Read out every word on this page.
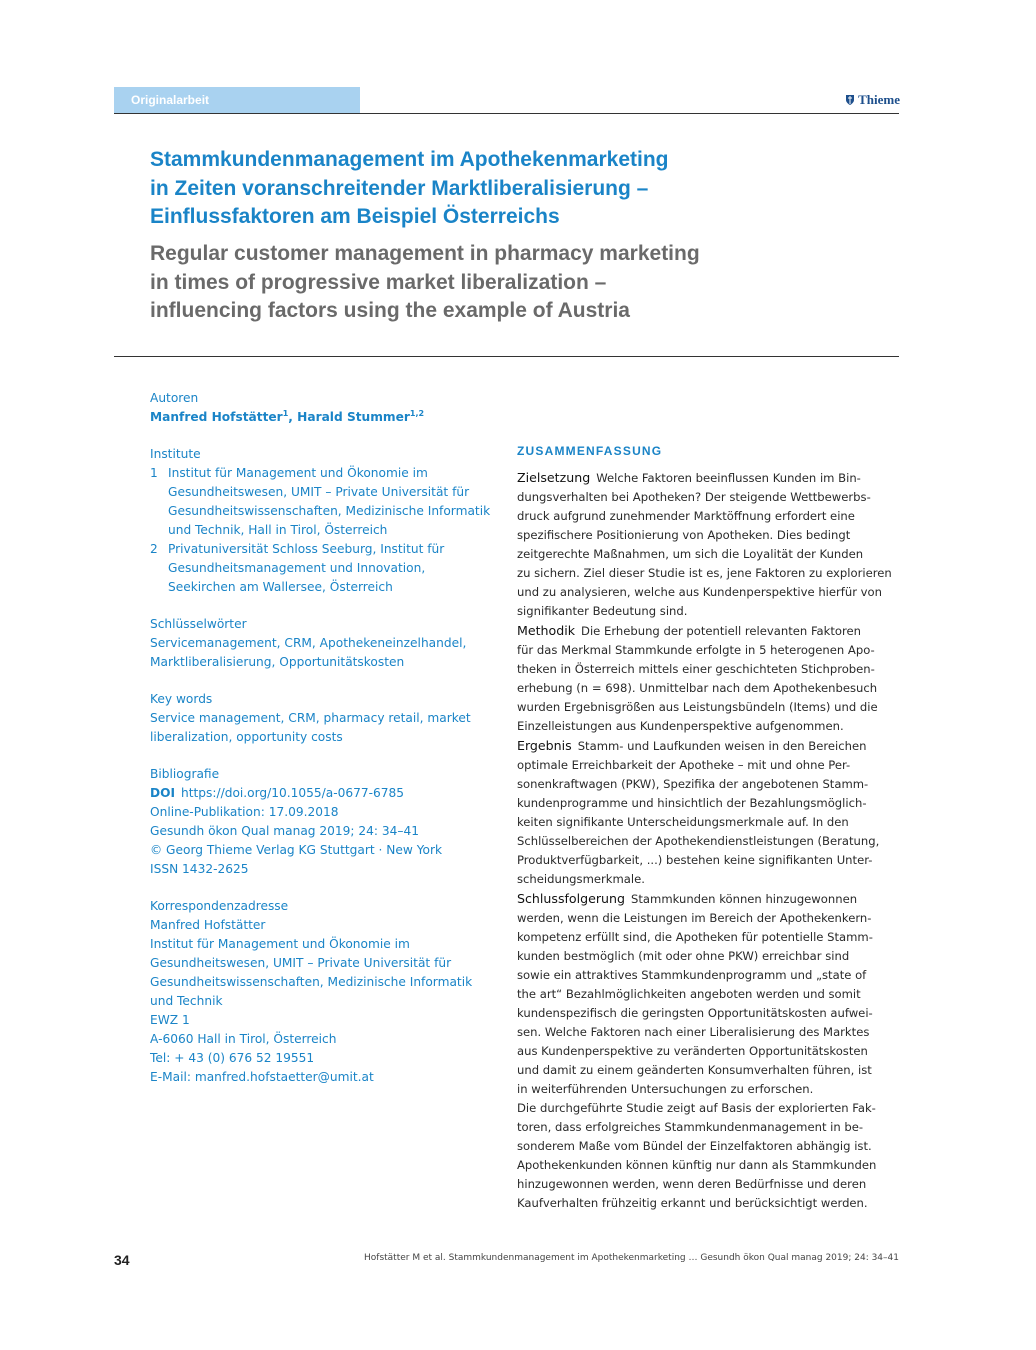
Originalarbeit	Thieme
Stammkundenmanagement im Apothekenmarketing
in Zeiten voranschreitender Marktliberalisierung –
Einflussfaktoren am Beispiel Österreichs
Regular customer management in pharmacy marketing
in times of progressive market liberalization –
influencing factors using the example of Austria
Autoren
Manfred Hofstätter$^1$, Harald Stummer$^{1,2}$
Institute
1 Institut für Management und Ökonomie im
Gesundheitswesen, UMIT – Private Universität für
Gesundheitswissenschaften, Medizinische Informatik
und Technik, Hall in Tirol, Österreich
2 Privatuniversität Schloss Seeburg, Institut für
Gesundheitsmanagement und Innovation,
Seekirchen am Wallersee, Österreich
Schlüsselwörter
Servicemanagement, CRM, Apothekeneinzelhandel,
Marktliberalisierung, Opportunitätskosten
Key words
Service management, CRM, pharmacy retail, market
liberalization, opportunity costs
Bibliografie
DOI https://doi.org/10.1055/a-0677-6785
Online-Publikation: 17.09.2018
Gesundh ökon Qual manag 2019; 24: 34–41
© Georg Thieme Verlag KG Stuttgart · New York
ISSN 1432-2625
Korrespondenzadresse
Manfred Hofstätter
Institut für Management und Ökonomie im
Gesundheitswesen, UMIT – Private Universität für
Gesundheitswissenschaften, Medizinische Informatik
und Technik
EWZ 1
A-6060 Hall in Tirol, Österreich
Tel: + 43 (0) 676 52 19551
E-Mail: manfred.hofstaetter@umit.at
ZUSAMMENFASSUNG
Zielsetzung Welche Faktoren beeinflussen Kunden im Bin-
dungsverhalten bei Apotheken? Der steigende Wettbewerbs-
druck aufgrund zunehmender Marktöffnung erfordert eine
spezifischere Positionierung von Apotheken. Dies bedingt
zeitgerechte Maßnahmen, um sich die Loyalität der Kunden
zu sichern. Ziel dieser Studie ist es, jene Faktoren zu explorieren
und zu analysieren, welche aus Kundenperspektive hierfür von
signifikanter Bedeutung sind.
Methodik Die Erhebung der potentiell relevanten Faktoren
für das Merkmal Stammkunde erfolgte in 5 heterogenen Apo-
theken in Österreich mittels einer geschichteten Stichproben-
erhebung (n = 698). Unmittelbar nach dem Apothekenbesuch
wurden Ergebnisgrößen aus Leistungsbündeln (Items) und die
Einzelleistungen aus Kundenperspektive aufgenommen.
Ergebnis Stamm- und Laufkunden weisen in den Bereichen
optimale Erreichbarkeit der Apotheke – mit und ohne Per-
sonenkraftwagen (PKW), Spezifika der angebotenen Stamm-
kundenprogramme und hinsichtlich der Bezahlungsmöglich-
keiten signifikante Unterscheidungsmerkmale auf. In den
Schlüsselbereichen der Apothekendienstleistungen (Beratung,
Produktverfügbarkeit, ...) bestehen keine signifikanten Unter-
scheidungsmerkmale.
Schlussfolgerung Stammkunden können hinzugewonnen
werden, wenn die Leistungen im Bereich der Apothekenkern-
kompetenz erfüllt sind, die Apotheken für potentielle Stamm-
kunden bestmöglich (mit oder ohne PKW) erreichbar sind
sowie ein attraktives Stammkundenprogramm und „state of
the art“ Bezahlmöglichkeiten angeboten werden und somit
kundenspezifisch die geringsten Opportunitätskosten aufwei-
sen. Welche Faktoren nach einer Liberalisierung des Marktes
aus Kundenperspektive zu veränderten Opportunitätskosten
und damit zu einem geänderten Konsumverhalten führen, ist
in weiterführenden Untersuchungen zu erforschen.
Die durchgeführte Studie zeigt auf Basis der explorierten Fak-
toren, dass erfolgreiches Stammkundenmanagement in be-
sonderem Maße vom Bündel der Einzelfaktoren abhängig ist.
Apothekenkunden können künftig nur dann als Stammkunden
hinzugewonnen werden, wenn deren Bedürfnisse und deren
Kaufverhalten frühzeitig erkannt und berücksichtigt werden.
34	Hofstätter M et al. Stammkundenmanagement im Apothekenmarketing … Gesundh ökon Qual manag 2019; 24: 34–41
